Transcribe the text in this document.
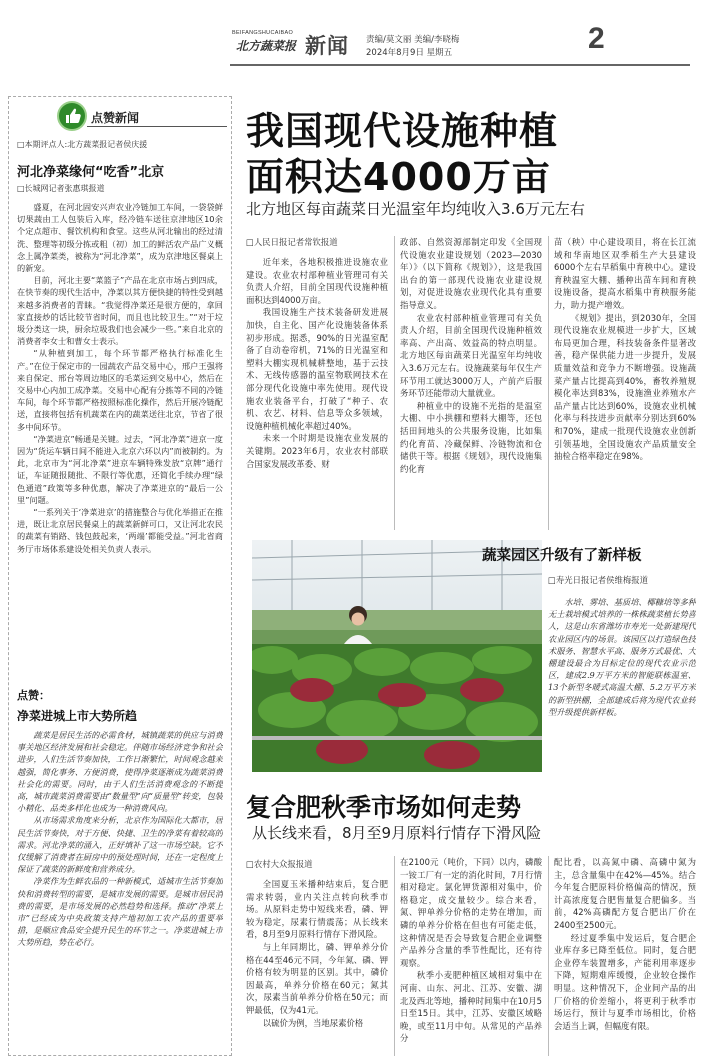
BEIFANGSHUCAIBAO
北方蔬菜报 新闻 责编/莫文丽 美编/李晓梅
2024年8月9日 星期五	2
点赞新闻
□本期评点人:北方蔬菜报记者侯庆援
河北净菜缘何“吃香”北京
□长城网记者张惠琪报道

盛夏，在河北固安兴声农业冷链加工车间，一袋袋鲜切果蔬由工人包装后入库，经冷链车送往京津地区10余个定点超市、餐饮机构和食堂。这些从河北输出的经过清洗、整理等初级分拣或粗（初）加工的鲜活农产品广义概念上属净菜类，被称为“河北净菜”，成为京津地区餐桌上的新宠。

目前，河北主要“菜篮子”产品在北京市场占到四成，在快节奏的现代生活中，净菜以其方便快捷的特性受到越来越多消费者的青睐。“我觉得净菜还是很方便的，拿回家直接炒的话比较节省时间，而且也比较卫生。”“对于垃圾分类这一块，厨余垃圾我们也会减少一些。”来自北京的消费者李女士和曹女士表示。

“从种植到加工，每个环节都严格执行标准化生产。”在位于保定市的一园蔬农产品交易中心，邢户王强将来自保定、邢台等周边地区的毛菜运到交易中心，然后在交易中心内加工成净菜。交易中心配有分拣等不同的冷链车间，每个环节都严格按照标准化操作，然后开展冷链配送，直接将包括有机蔬菜在内的蔬菜送往北京，节省了很多中间环节。

“净菜进京”畅通是关键。过去，“河北净菜”进京一度因为“货运车辆日间不能进入北京六环以内”而被制约。为此，北京市为“河北净菜”进京车辆特殊发放“京牌”通行证，车证随报随批、不限行等优惠，还简化手续办理“绿色通道”政策等多种优惠，解决了净菜进京的“最后一公里”问题。

“一系列关于‘净菜进京’的措施整合与优化举措正在推进，既让北京居民餐桌上的蔬菜新鲜可口，又让河北农民的蔬菜有销路、钱包鼓起来，‘两端’都能受益。”河北省商务厅市场体系建设处相关负责人表示。

点赞：
净菜进城上市大势所趋

蔬菜是居民生活的必需食材，城镇蔬菜的供应与消费事关地区经济发展和社会稳定。伴随市场经济竞争和社会进步，人们生活节奏加快，工作日渐繁忙，时间观念越来越强，简化事务、方便消费，使得净菜逐渐成为蔬菜消费社会化的需要。同时，由于人们生活消费观念的不断提高，城市蔬菜消费需要由“数量型”向“质量型”转变，包装小精化、品类多样化也成为一种消费风向。

从市场需求角度来分析，北京作为国际化大都市，居民生活节奏快，对于方便、快捷、卫生的净菜有着较高的需求。河北净菜的涌入，正好填补了这一市场空缺。它不仅缓解了消费者在厨房中的预处理时间，还在一定程度上保证了蔬菜的新鲜度和营养成分。

净菜作为生鲜农品的一种新模式，适城市生活节奏加快和消费转型的需要，是城市发展的需要。是城市居民消费的需要，是市场发展的必然趋势和选择。推动“净菜上市”已经成为中央政策支持产地初加工农产品的重要举措，是顺应食品安全提升民生的环节之一。净菜进城上市大势所趋，势在必行。

我国现代设施种植
面积达4000万亩
北方地区每亩蔬菜日光温室年均纯收入3.6万元左右
□人民日报记者常钦报道

近年来，各地积极推进设施农业建设。农业农村部种植业管理司有关负责人介绍，目前全国现代设施种植面积达到4000万亩。

我国设施生产技术装备研发进展加快，自主化、国产化设施装备体系初步形成。据悉，90%的日光温室配备了自动卷帘机，71%的日光温室和塑料大棚实现机械耕整地，基于云技术、无线传感器的温室物联网技术在部分现代化设施中率先使用。现代设施农业装备平台，打破了“种子、农机、农艺、材料、信息等众多领域，设施种植机械化率超过40%。

未来一个时期是设施农业发展的关键期。2023年6月，农业农村部联合国家发展改革委、财

政部、自然资源部制定印发《全国现代设施农业建设规划（2023—2030年）》（以下简称《规划》），这是我国出台的第一部现代设施农业建设规划，对促进设施农业现代化具有重要指导意义。

农业农村部种植业管理司有关负责人介绍，目前全国现代设施种植效率高、产出高、效益高的特点明显。北方地区每亩蔬菜日光温室年均纯收入3.6万元左右。设施蔬菜每年仅生产环节用工就达3000万人，产前产后服务环节还能带动大量就业。

种植业中的设施不光指的是温室大棚、中小拱棚和塑料大棚等，还包括田间地头的公共服务设施，比如集约化育苗、冷藏保鲜、冷链物流和仓储供干等。根据《规划》，现代设施集约化育

苗（秧）中心建设项目，将在长江流域和华南地区双季稻生产大县建设6000个左右早稻集中育秧中心。建设育秧温室大棚、播种出苗车间和育秧设施设备，提高水稻集中育秧服务能力，助力提产增效。

《规划》提出，到2030年，全国现代设施农业规模进一步扩大，区域布局更加合理，科技装备条件显著改善，稳产保供能力进一步提升，发展质量效益和竞争力不断增强。设施蔬菜产量占比提高到40%，畜牧养殖规模化率达到83%，设施渔业养殖水产品产量占比达到60%，设施农业机械化率与科技进步贡献率分别达到60%和70%，建成一批现代设施农业创新引领基地，全国设施农产品质量安全抽检合格率稳定在98%。

蔬菜园区升级有了新样板
□寿光日报记者侯维梅报道
水培、雾培、基质培、椰糠培等多种无土栽培模式培养的一株株蔬菜植长势喜人，这是山东省潍坊市寿光一处新建现代农业园区内的场景。该园区以打造绿色技术服务、智慧水平高、服务方式最优、大棚建设最合为目标定位的现代农业示范区，建成2.9万平方米的智能联栋温室、13个新型冬暖式高温大棚、5.2万平方米的新型拱棚，全部建成后将为现代农业转型升级提供新样板。
复合肥秋季市场如何走势
从长线来看，8月至9月原料行情存下滑风险
□农村大众报报道

全国夏玉米播种结束后，复合肥需求转弱，业内关注点转向秋季市场。从原料走势中短线来看，磷、钾较为稳定，尿素行情震荡；从长线来看，8月至9月原料行情存下滑风险。

与上年同期比，磷、钾单养分价格在44至46元不同，今年氮、磷、钾价格有较为明显的区别。其中，磷价因最高，单养分价格在60元；氮其次，尿素当前单养分价格在50元；而钾最低，仅为41元。

以硫价为例，当地尿素价格

在2100元（吨价，下同）以内，磷酸一铵工厂有一定的消化时间，7月行情相对稳定。氯化钾货源相对集中，价格稳定，成交量较少。综合来看，氮、钾单养分价格的走势在增加，而磷的单养分价格在但也有可能走低，这种情况是否会导致复合肥企业调整产品养分含量的季节性配比，还有待观察。

秋季小麦肥种植区域相对集中在河南、山东、河北、江苏、安徽、湖北及西北等地，播种时间集中在10月5日至15日。其中，江苏、安徽区域略晚，或至11月中旬。从常见的产品养分

配比看，以高氮中磷、高磷中氮为主，总含量集中在42%—45%。结合今年复合肥原料价格偏高的情况，预计高浓度复合肥售量复合肥偏多。当前，42%高磷配方复合肥出厂价在2400至2500元。

经过夏季集中发运后，复合肥企业库存多已降至低位。同时，复合肥企业停车装置增多，产能利用率逐步下降，短期难库缓慢，企业较仓操作明显。这种情况下，企业间产品的出厂价格的价差缩小，将更利于秋季市场运行，预计与夏季市场相比，价格会适当上调，但幅度有限。
